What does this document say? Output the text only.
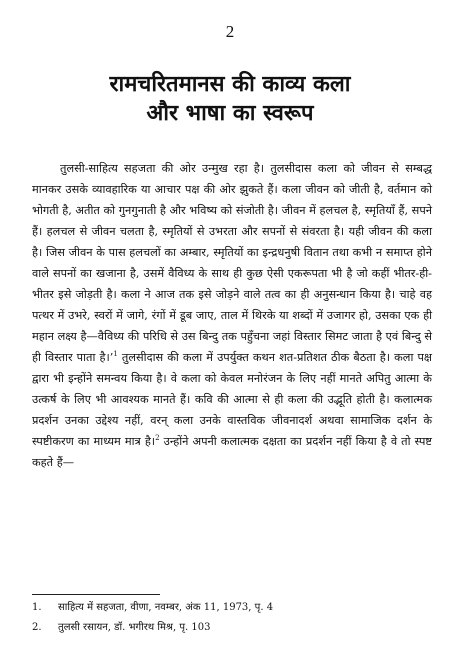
2
रामचरितमानस की काव्य कला
और भाषा का स्वरूप

तुलसी-साहित्य सहजता की ओर उन्मुख रहा है। तुलसीदास कला को जीवन से सम्बद्ध मानकर उसके व्यावहारिक या आचार पक्ष की ओर झुकते हैं। कला जीवन को जीती है, वर्तमान को भोगती है, अतीत को गुनगुनाती है और भविष्य को संजोती है। जीवन में हलचल है, स्मृतियाँ हैं, सपने हैं। हलचल से जीवन चलता है, स्मृतियों से उभरता और सपनों से संवरता है। यही जीवन की कला है। जिस जीवन के पास हलचलों का अम्बार, स्मृतियों का इन्द्रधनुषी वितान तथा कभी न समाप्त होने वाले सपनों का खजाना है, उसमें वैविध्य के साथ ही कुछ ऐसी एकरूपता भी है जो कहीं भीतर-ही-भीतर इसे जोड़ती है। कला ने आज तक इसे जोड़ने वाले तत्व का ही अनुसन्धान किया है। चाहे वह पत्थर में उभरे, स्वरों में जागे, रंगों में डूब जाए, ताल में थिरके या शब्दों में उजागर हो, उसका एक ही महान लक्ष्य है—वैविध्य की परिधि से उस बिन्दु तक पहुँचना जहां विस्तार सिमट जाता है एवं बिन्दु से ही विस्तार पाता है।’$^1$ तुलसीदास की कला में उपर्युक्त कथन शत-प्रतिशत ठीक बैठता है। कला पक्ष द्वारा भी इन्होंने समन्वय किया है। वे कला को केवल मनोरंजन के लिए नहीं मानते अपितु आत्मा के उत्कर्ष के लिए भी आवश्यक मानते हैं। कवि की आत्मा से ही कला की उद्भूति होती है। कलात्मक प्रदर्शन उनका उद्देश्य नहीं, वरन् कला उनके वास्तविक जीवनादर्श अथवा सामाजिक दर्शन के स्पष्टीकरण का माध्यम मात्र है।$^2$ उन्होंने अपनी कलात्मक दक्षता का प्रदर्शन नहीं किया है वे तो स्पष्ट कहते हैं—

1.	साहित्य में सहजता, वीणा, नवम्बर, अंक 11, 1973, पृ. 4
2.	तुलसी रसायन, डॉ. भगीरथ मिश्र, पृ. 103
